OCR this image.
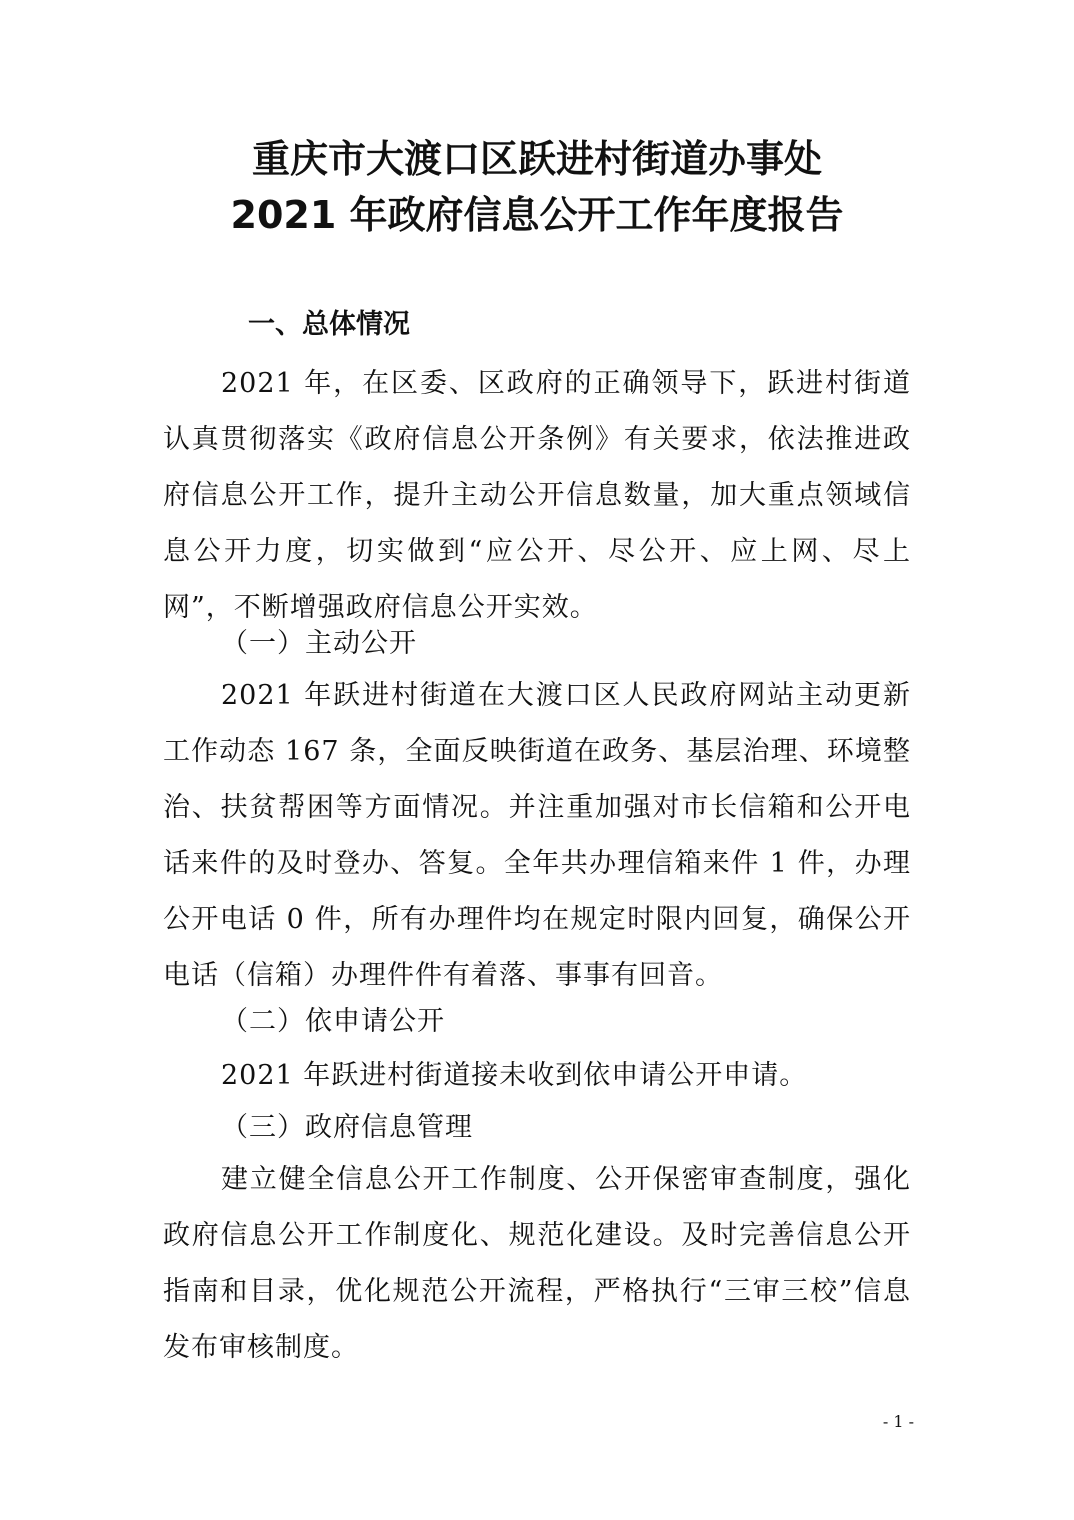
重庆市大渡口区跃进村街道办事处
2021 年政府信息公开工作年度报告
一、总体情况

2021 年，在区委、区政府的正确领导下，跃进村街道认真贯彻落实《政府信息公开条例》有关要求，依法推进政府信息公开工作，提升主动公开信息数量，加大重点领域信息公开力度，切实做到“应公开、尽公开、应上网、尽上网”，不断增强政府信息公开实效。

（一）主动公开

2021 年跃进村街道在大渡口区人民政府网站主动更新工作动态 167 条，全面反映街道在政务、基层治理、环境整治、扶贫帮困等方面情况。并注重加强对市长信箱和公开电话来件的及时登办、答复。全年共办理信箱来件 1 件，办理公开电话 0 件，所有办理件均在规定时限内回复，确保公开电话（信箱）办理件件有着落、事事有回音。

（二）依申请公开

2021 年跃进村街道接未收到依申请公开申请。

（三）政府信息管理

建立健全信息公开工作制度、公开保密审查制度，强化政府信息公开工作制度化、规范化建设。及时完善信息公开指南和目录，优化规范公开流程，严格执行“三审三校”信息发布审核制度。

- 1 -
